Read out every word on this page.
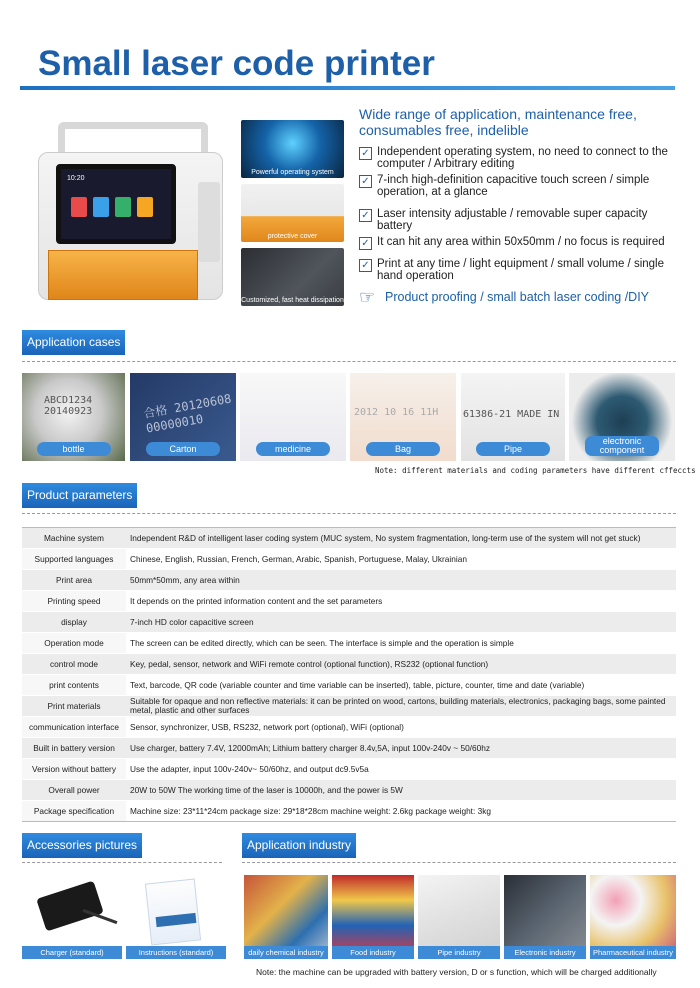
Small laser code printer
10:20
Powerful operating system
protective cover
Customized, fast heat dissipation
Wide range of application, maintenance free, consumables free, indelible
✓ Independent operating system, no need to connect to the computer / Arbitrary editing
✓ 7-inch high-definition capacitive touch screen / simple operation, at a glance
✓ Laser intensity adjustable / removable super capacity battery
✓ It can hit any area within 50x50mm / no focus is required
✓ Print at any time / light equipment / small volume / single hand operation
☞ Product proofing / small batch laser coding /DIY
Application cases
ABCD1234 20140923
bottle
合格 20120608 00000010
Carton	medicine
2012 10 16 11H
Bag
61386-21 MADE IN
Pipe
electronic component
Note: different materials and coding parameters have different cffeccts
Product parameters
Machine system	Independent R&D of intelligent laser coding system (MUC system, No system fragmentation, long-term use of the system will not get stuck)
Supported languages	Chinese, English, Russian, French, German, Arabic, Spanish, Portuguese, Malay, Ukrainian
Print area	50mm*50mm, any area within
Printing speed	It depends on the printed information content and the set parameters
display	7-inch HD color capacitive screen
Operation mode	The screen can be edited directly, which can be seen. The interface is simple and the operation is simple
control mode	Key, pedal, sensor, network and WiFi remote control (optional function), RS232 (optional function)
print contents	Text, barcode, QR code (variable counter and time variable can be inserted), table, picture, counter, time and date (variable)
Print materials	Suitable for opaque and non reflective materials: it can be printed on wood, cartons, building materials, electronics, packaging bags, some painted metal, plastic and other surfaces
communication interface	Sensor, synchronizer, USB, RS232, network port (optional), WiFi (optional)
Built in battery version	Use charger, battery 7.4V, 12000mAh; Lithium battery charger 8.4v,5A, input 100v-240v ~ 50/60hz
Version without battery	Use the adapter, input 100v-240v~ 50/60hz, and output dc9.5v5a
Overall power	20W to 50W The working time of the laser is 10000h, and the power is 5W
Package specification	Machine size: 23*11*24cm package size: 29*18*28cm machine weight: 2.6kg package weight: 3kg
Accessories pictures	Application industry
Charger (standard)	Instructions (standard)	daily chemical industry	Food industry	Pipe industry	Electronic industry	Pharmaceutical industry
Note: the machine can be upgraded with battery version, D or s function, which will be charged additionally
